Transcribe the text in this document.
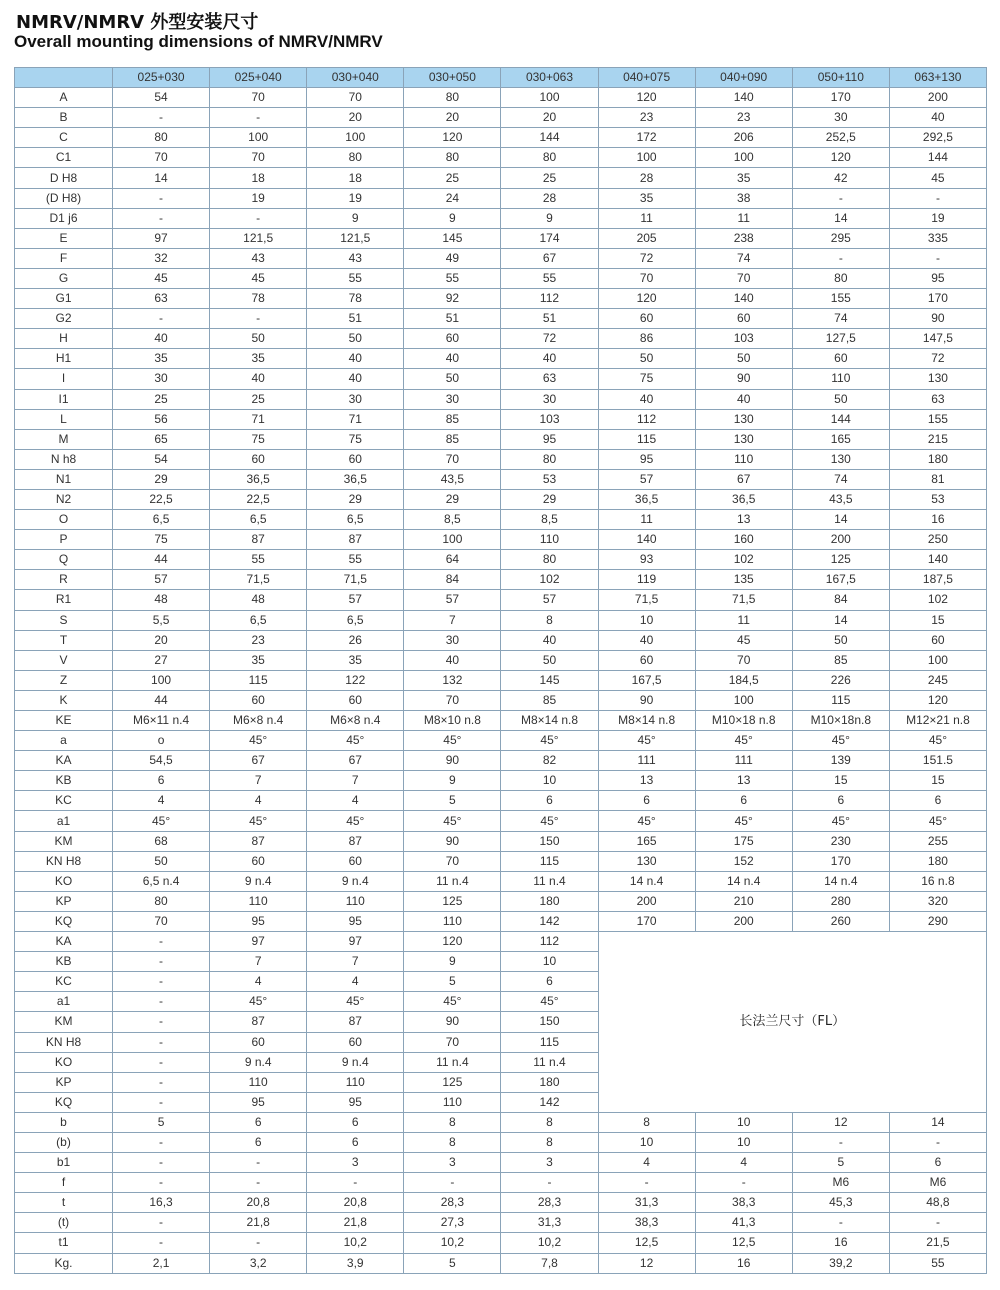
NMRV/NMRV 外型安装尺寸
Overall mounting dimensions of NMRV/NMRV
	025+030	025+040	030+040	030+050	030+063	040+075	040+090	050+110	063+130
A	54	70	70	80	100	120	140	170	200
B	-	-	20	20	20	23	23	30	40
C	80	100	100	120	144	172	206	252,5	292,5
C1	70	70	80	80	80	100	100	120	144
D H8	14	18	18	25	25	28	35	42	45
(D H8)	-	19	19	24	28	35	38	-	-
D1 j6	-	-	9	9	9	11	11	14	19
E	97	121,5	121,5	145	174	205	238	295	335
F	32	43	43	49	67	72	74	-	-
G	45	45	55	55	55	70	70	80	95
G1	63	78	78	92	112	120	140	155	170
G2	-	-	51	51	51	60	60	74	90
H	40	50	50	60	72	86	103	127,5	147,5
H1	35	35	40	40	40	50	50	60	72
I	30	40	40	50	63	75	90	110	130
I1	25	25	30	30	30	40	40	50	63
L	56	71	71	85	103	112	130	144	155
M	65	75	75	85	95	115	130	165	215
N h8	54	60	60	70	80	95	110	130	180
N1	29	36,5	36,5	43,5	53	57	67	74	81
N2	22,5	22,5	29	29	29	36,5	36,5	43,5	53
O	6,5	6,5	6,5	8,5	8,5	11	13	14	16
P	75	87	87	100	110	140	160	200	250
Q	44	55	55	64	80	93	102	125	140
R	57	71,5	71,5	84	102	119	135	167,5	187,5
R1	48	48	57	57	57	71,5	71,5	84	102
S	5,5	6,5	6,5	7	8	10	11	14	15
T	20	23	26	30	40	40	45	50	60
V	27	35	35	40	50	60	70	85	100
Z	100	115	122	132	145	167,5	184,5	226	245
K	44	60	60	70	85	90	100	115	120
KE	M6×11 n.4	M6×8 n.4	M6×8 n.4	M8×10 n.8	M8×14 n.8	M8×14 n.8	M10×18 n.8	M10×18n.8	M12×21 n.8
a	o	45°	45°	45°	45°	45°	45°	45°	45°
KA	54,5	67	67	90	82	111	111	139	151.5
KB	6	7	7	9	10	13	13	15	15
KC	4	4	4	5	6	6	6	6	6
a1	45°	45°	45°	45°	45°	45°	45°	45°	45°
KM	68	87	87	90	150	165	175	230	255
KN H8	50	60	60	70	115	130	152	170	180
KO	6,5 n.4	9 n.4	9 n.4	11 n.4	11 n.4	14 n.4	14 n.4	14 n.4	16 n.8
KP	80	110	110	125	180	200	210	280	320
KQ	70	95	95	110	142	170	200	260	290
KA	-	97	97	120	112	长法兰尺寸（FL）			
KB	-	7	7	9	10				
KC	-	4	4	5	6				
a1	-	45°	45°	45°	45°				
KM	-	87	87	90	150				
KN H8	-	60	60	70	115				
KO	-	9 n.4	9 n.4	11 n.4	11 n.4				
KP	-	110	110	125	180				
KQ	-	95	95	110	142				
b	5	6	6	8	8	8	10	12	14
(b)	-	6	6	8	8	10	10	-	-
b1	-	-	3	3	3	4	4	5	6
f	-	-	-	-	-	-	-	M6	M6
t	16,3	20,8	20,8	28,3	28,3	31,3	38,3	45,3	48,8
(t)	-	21,8	21,8	27,3	31,3	38,3	41,3	-	-
t1	-	-	10,2	10,2	10,2	12,5	12,5	16	21,5
Kg.	2,1	3,2	3,9	5	7,8	12	16	39,2	55
